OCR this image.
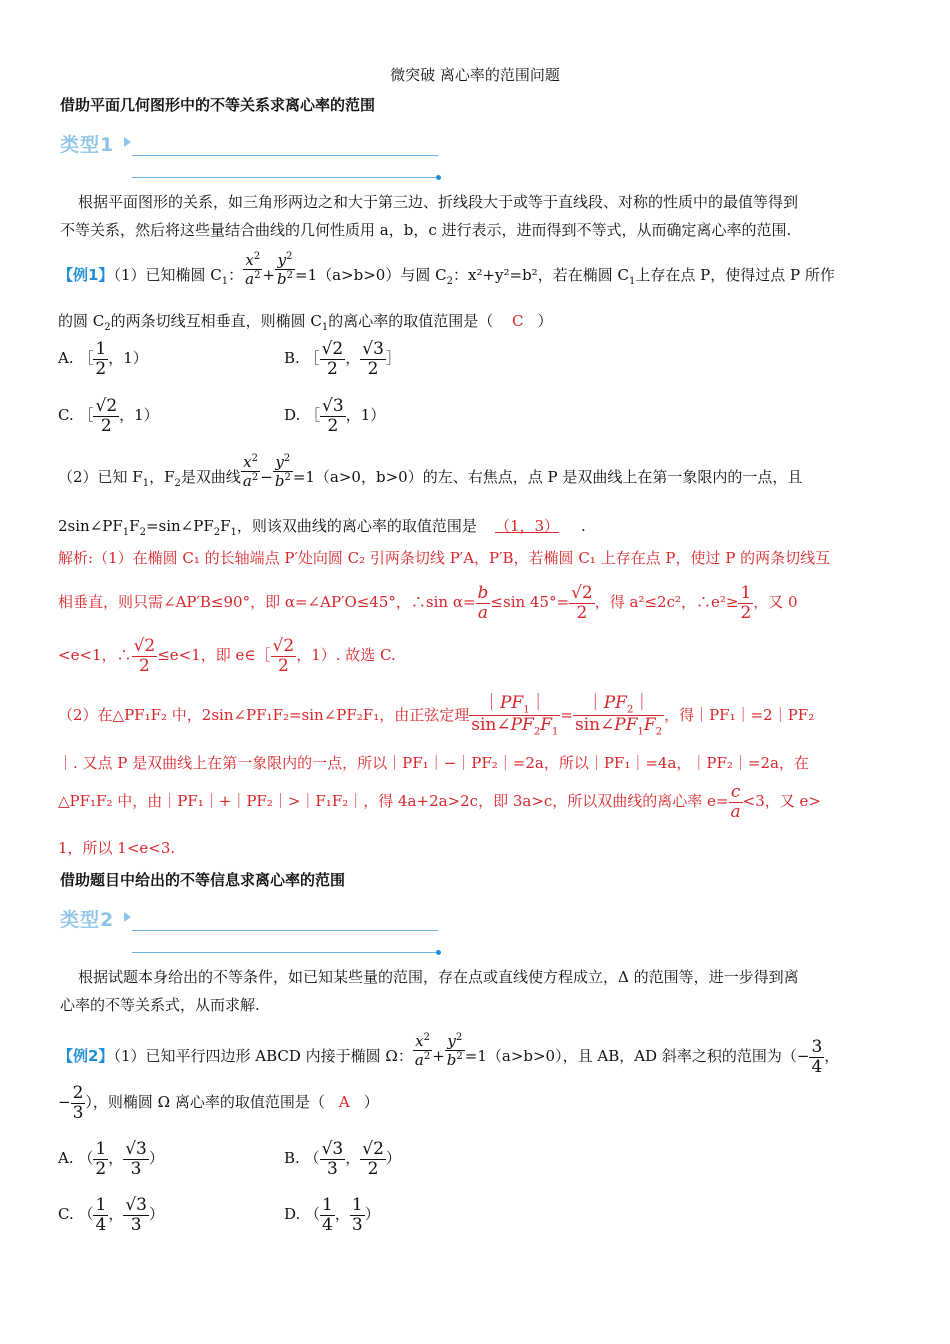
微突破 离心率的范围问题
借助平面几何图形中的不等关系求离心率的范围
类型1
根据平面图形的关系，如三角形两边之和大于第三边、折线段大于或等于直线段、对称的性质中的最值等得到
不等关系，然后将这些量结合曲线的几何性质用 a，b，c 进行表示，进而得到不等式，从而确定离心率的范围.
【例1】（1）已知椭圆 $C_1$： $\frac{x^2}{a^2} + \frac{y^2}{b^2} =1(a>b>0)$与圆 $C_2$：x²+y²=b²，若在椭圆 $C_1$上存在点 P，使得过点 P 所作
的圆 $C_2$的两条切线互相垂直，则椭圆 $C_1$的离心率的取值范围是（ C ）
A. ［ $\frac{1}{2}$ ，1）	B. ［ $\frac{√2}{2}$ ， $\frac{√3}{2}$ ］
C. ［ $\frac{√2}{2}$ ，1）	D. ［ $\frac{√3}{2}$ ，1）
（2）已知 $F_1$，$F_2$是双曲线 $\frac{x^2}{a^2} - \frac{y^2}{b^2} =1(a>0$，b>0）的左、右焦点，点 P 是双曲线上在第一象限内的一点，且
$2\sin\angle PF_1F_2=\sin\angle PF_2F_1$，则该双曲线的离心率的取值范围是 （1，3） .
解析:（1）在椭圆 C₁ 的长轴端点 P′处向圆 C₂ 引两条切线 P′A，P′B，若椭圆 C₁ 上存在点 P，使过 P 的两条切线互
相垂直，则只需∠AP′B≤90°，即 α=∠AP′O≤45°，∴sin $\alpha= \frac{b}{a} \le\sin$ $45^\circ= \frac{√2}{2}$ ，得 a²≤2c²，∴e²≥ $\frac{1}{2}$ ，又 0
<e<1，∴ $\frac{√2}{2} \le e<1$，即 e∈［ $\frac{√2}{2}$ ，1）. 故选 C.
（2）在△PF₁F₂ 中，2sin∠PF₁F₂=sin∠PF₂F₁，由正弦定理 $\frac{|PF_1|}{\sin\angle PF_2F_1} = \frac{|PF_2|}{\sin\angle PF_1F_2}$ ，得｜PF₁｜=2｜PF₂
｜. 又点 P 是双曲线上在第一象限内的一点，所以｜PF₁｜−｜PF₂｜=2a，所以｜PF₁｜=4a，｜PF₂｜=2a，在
△PF₁F₂ 中，由｜PF₁｜+｜PF₂｜>｜F₁F₂｜，得 4a+2a>2c，即 3a>c，所以双曲线的离心率 $e= \frac{c}{a} <3$，又 e>
1，所以 1<e<3.
借助题目中给出的不等信息求离心率的范围
类型2
根据试题本身给出的不等条件，如已知某些量的范围，存在点或直线使方程成立，Δ 的范围等，进一步得到离
心率的不等关系式，从而求解.
【例2】（1）已知平行四边形 ABCD 内接于椭圆 Ω： $\frac{x^2}{a^2} + \frac{y^2}{b^2} =1(a>b>0)$，且 AB，AD 斜率之积的范围为（− $\frac{3}{4}$ ，
− $\frac{2}{3}$ ），则椭圆 Ω 离心率的取值范围是（ A ）
A. （ $\frac{1}{2}$ ， $\frac{√3}{3}$ ）	B. （ $\frac{√3}{3}$ ， $\frac{√2}{2}$ ）
C. （ $\frac{1}{4}$ ， $\frac{√3}{3}$ ）	D. （ $\frac{1}{4}$ ， $\frac{1}{3}$ ）
